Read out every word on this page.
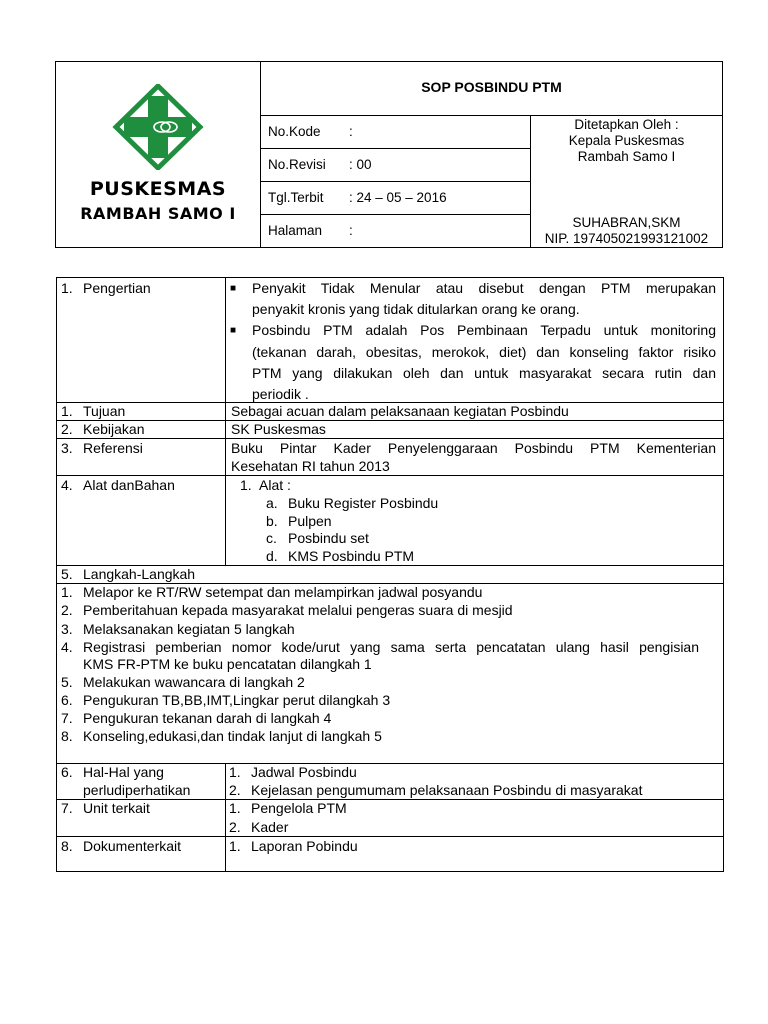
PUSKESMAS
RAMBAH SAMO I
SOP POSBINDU PTM
No.Kode :
No.Revisi : 00
Tgl.Terbit : 24 – 05 – 2016
Halaman :
Ditetapkan Oleh :
Kepala Puskesmas
Rambah Samo I
SUHABRAN,SKM
NIP. 197405021993121002
1. Pengertian	■ Penyakit Tidak Menular atau disebut dengan PTM merupakan
penyakit kronis yang tidak ditularkan orang ke orang.
■ Posbindu PTM adalah Pos Pembinaan Terpadu untuk monitoring
(tekanan darah, obesitas, merokok, diet) dan konseling faktor risiko
PTM yang dilakukan oleh dan untuk masyarakat secara rutin dan
periodik .
1. Tujuan	Sebagai acuan dalam pelaksanaan kegiatan Posbindu
2. Kebijakan	SK Puskesmas
3. Referensi	Buku Pintar Kader Penyelenggaraan Posbindu PTM Kementerian
Kesehatan RI tahun 2013
4. Alat danBahan	1. Alat :
a. Buku Register Posbindu
b. Pulpen
c. Posbindu set
d. KMS Posbindu PTM
5. Langkah-Langkah
1. Melapor ke RT/RW setempat dan melampirkan jadwal posyandu
2. Pemberitahuan kepada masyarakat melalui pengeras suara di mesjid
3. Melaksanakan kegiatan 5 langkah
4. Registrasi pemberian nomor kode/urut yang sama serta pencatatan ulang hasil pengisian
KMS FR-PTM ke buku pencatatan dilangkah 1
5. Melakukan wawancara di langkah 2
6. Pengukuran TB,BB,IMT,Lingkar perut dilangkah 3
7. Pengukuran tekanan darah di langkah 4
8. Konseling,edukasi,dan tindak lanjut di langkah 5
6. Hal-Hal yang
perludiperhatikan
1. Jadwal Posbindu
2. Kejelasan pengumumam pelaksanaan Posbindu di masyarakat
7. Unit terkait	1. Pengelola PTM
2. Kader
8. Dokumenterkait	1. Laporan Pobindu
